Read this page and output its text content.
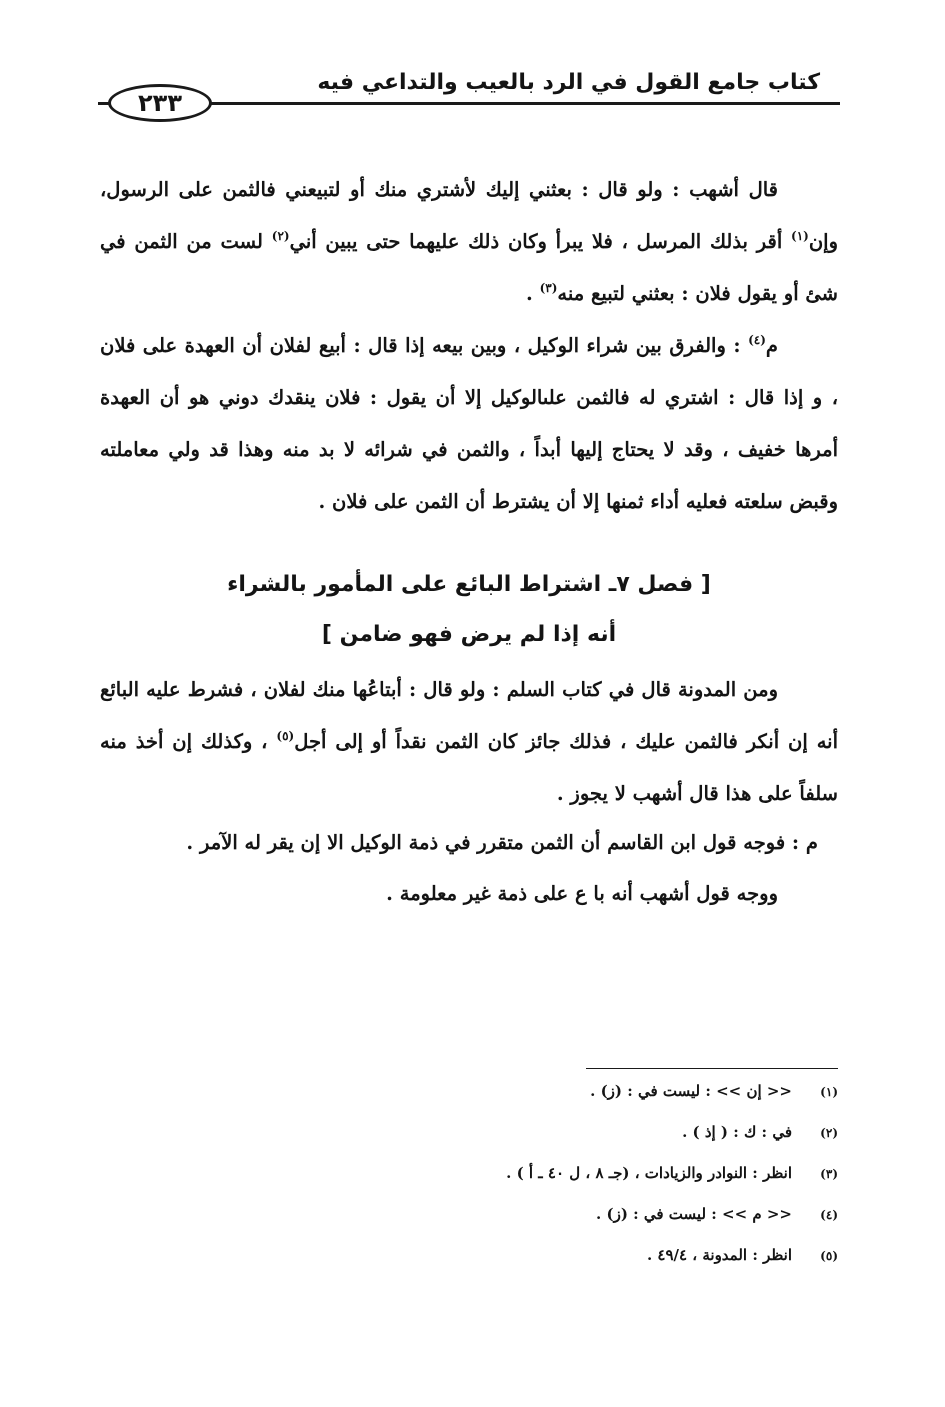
كتاب جامع القول في الرد بالعيب والتداعي فيه
٢٣٣

قال أشهب : ولو قال : بعثني إليك لأشتري منك أو لتبيعني فالثمن على الرسول، وإن$^{(١)}$ أقر بذلك المرسل ، فلا يبرأ وكان ذلك عليهما حتى يبين أني$^{(٢)}$ لست من الثمن في شئ أو يقول فلان : بعثني لتبيع منه$^{(٣)}$ .

م$^{(٤)}$ : والفرق بين شراء الوكيل ، وبين بيعه إذا قال : أبيع لفلان أن العهدة على فلان ، و إذا قال : اشتري له فالثمن علىالوكيل إلا أن يقول : فلان ينقدك دوني هو أن العهدة أمرها خفيف ، وقد لا يحتاج إليها أبداً ، والثمن في شرائه لا بد منه وهذا قد ولي معاملته وقبض سلعته فعليه أداء ثمنها إلا أن يشترط أن الثمن على فلان .

[ فصل ٧ـ اشتراط البائع على المأمور بالشراء
أنه إذا لم يرض فهو ضامن ]

ومن المدونة قال في كتاب السلم : ولو قال : أبتاعُها منك لفلان ، فشرط عليه البائع أنه إن أنكر فالثمن عليك ، فذلك جائز كان الثمن نقداً أو إلى أجل$^{(٥)}$ ، وكذلك إن أخذ منه سلفاً على هذا قال أشهب لا يجوز .

م : فوجه قول ابن القاسم أن الثمن متقرر في ذمة الوكيل الا إن يقر له الآمر .

ووجه قول أشهب أنه با ع على ذمة غير معلومة .

(١)
<< إن >> : ليست في : (ز) .
(٢)
في : ك : ( إذ ) .
(٣)
انظر : النوادر والزيادات ، (جـ ٨ ، ل ٤٠ ـ أ ) .
(٤)
<< م >> : ليست في : (ز) .
(٥)
انظر : المدونة ، ٤٩/٤ .
